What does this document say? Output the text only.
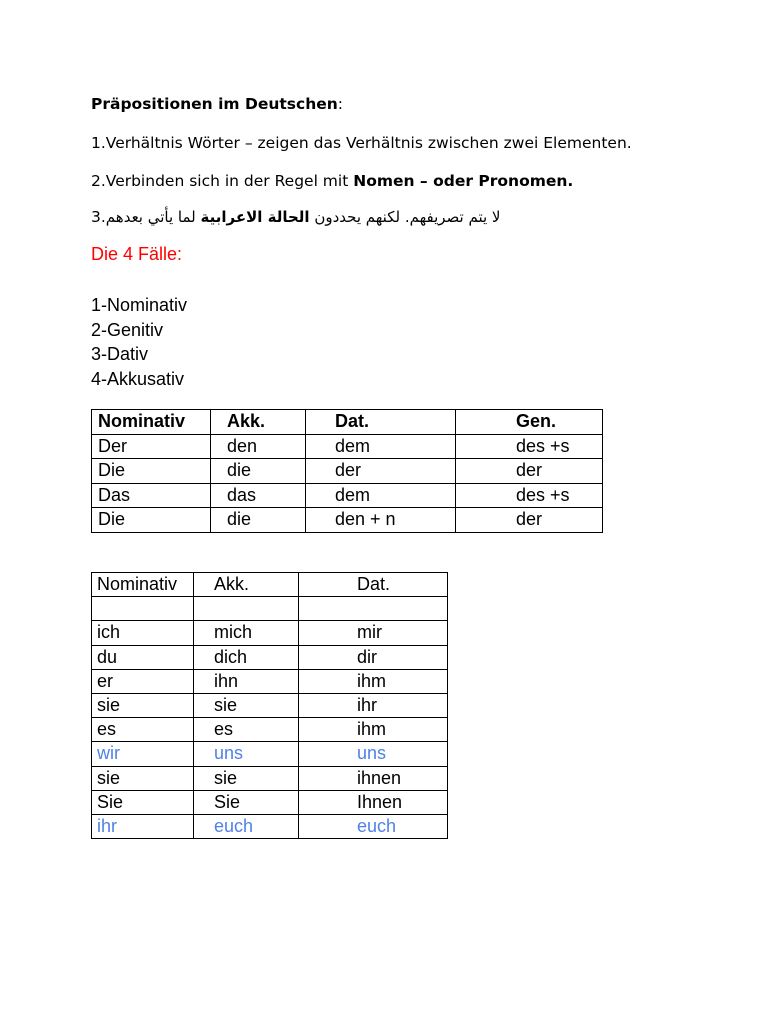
Präpositionen im Deutschen:
1.Verhältnis Wörter – zeigen das Verhältnis zwischen zwei Elementen.
2.Verbinden sich in der Regel mit Nomen – oder Pronomen.
3.	لا يتم تصريفهم. لكنهم يحددون الحالة الاعرابية لما يأتي بعدهم
Die 4 Fälle:
1-Nominativ
2-Genitiv
3-Dativ
4-Akkusativ
Nominativ	Akk.	Dat.	Gen.
Der	den	dem	des +s
Die	die	der	der
Das	das	dem	des +s
Die	die	den + n	der
Nominativ	Akk.	Dat.

ich	mich	mir
du	dich	dir
er	ihn	ihm
sie	sie	ihr
es	es	ihm
wir	uns	uns
sie	sie	ihnen
Sie	Sie	Ihnen
ihr	euch	euch
